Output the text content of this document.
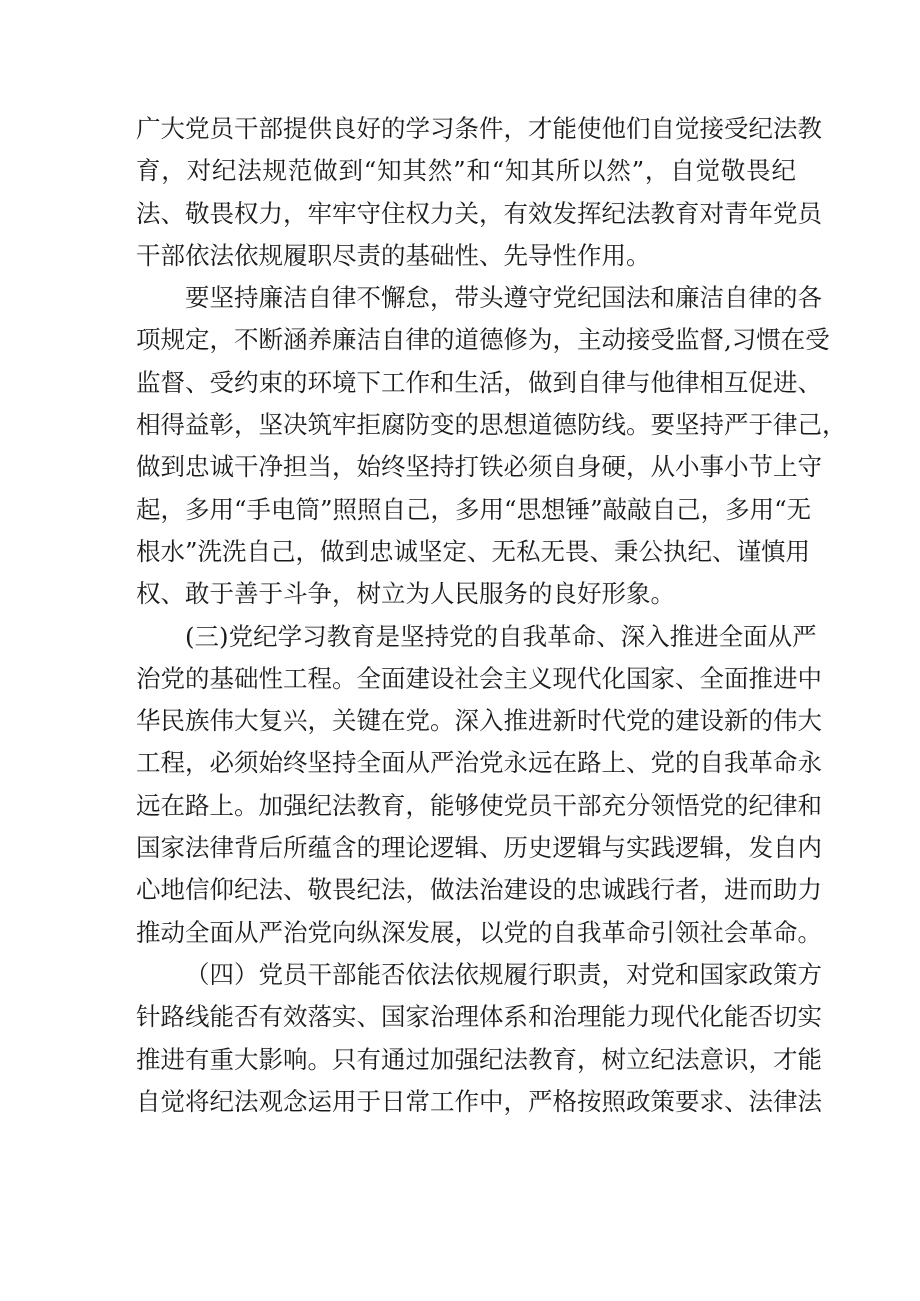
广大党员干部提供良好的学习条件，才能使他们自觉接受纪法教
育，对纪法规范做到“知其然”和“知其所以然”，自觉敬畏纪
法、敬畏权力，牢牢守住权力关，有效发挥纪法教育对青年党员
干部依法依规履职尽责的基础性、先导性作用。

要坚持廉洁自律不懈怠，带头遵守党纪国法和廉洁自律的各
项规定，不断涵养廉洁自律的道德修为，主动接受监督,习惯在受
监督、受约束的环境下工作和生活，做到自律与他律相互促进、
相得益彰，坚决筑牢拒腐防变的思想道德防线。要坚持严于律己，
做到忠诚干净担当，始终坚持打铁必须自身硬，从小事小节上守
起，多用“手电筒”照照自己，多用“思想锤”敲敲自己，多用“无
根水”洗洗自己，做到忠诚坚定、无私无畏、秉公执纪、谨慎用
权、敢于善于斗争，树立为人民服务的良好形象。

(三)党纪学习教育是坚持党的自我革命、深入推进全面从严
治党的基础性工程。全面建设社会主义现代化国家、全面推进中
华民族伟大复兴，关键在党。深入推进新时代党的建设新的伟大
工程，必须始终坚持全面从严治党永远在路上、党的自我革命永
远在路上。加强纪法教育，能够使党员干部充分领悟党的纪律和
国家法律背后所蕴含的理论逻辑、历史逻辑与实践逻辑，发自内
心地信仰纪法、敬畏纪法，做法治建设的忠诚践行者，进而助力
推动全面从严治党向纵深发展，以党的自我革命引领社会革命。

（四）党员干部能否依法依规履行职责，对党和国家政策方
针路线能否有效落实、国家治理体系和治理能力现代化能否切实
推进有重大影响。只有通过加强纪法教育，树立纪法意识，才能
自觉将纪法观念运用于日常工作中，严格按照政策要求、法律法
